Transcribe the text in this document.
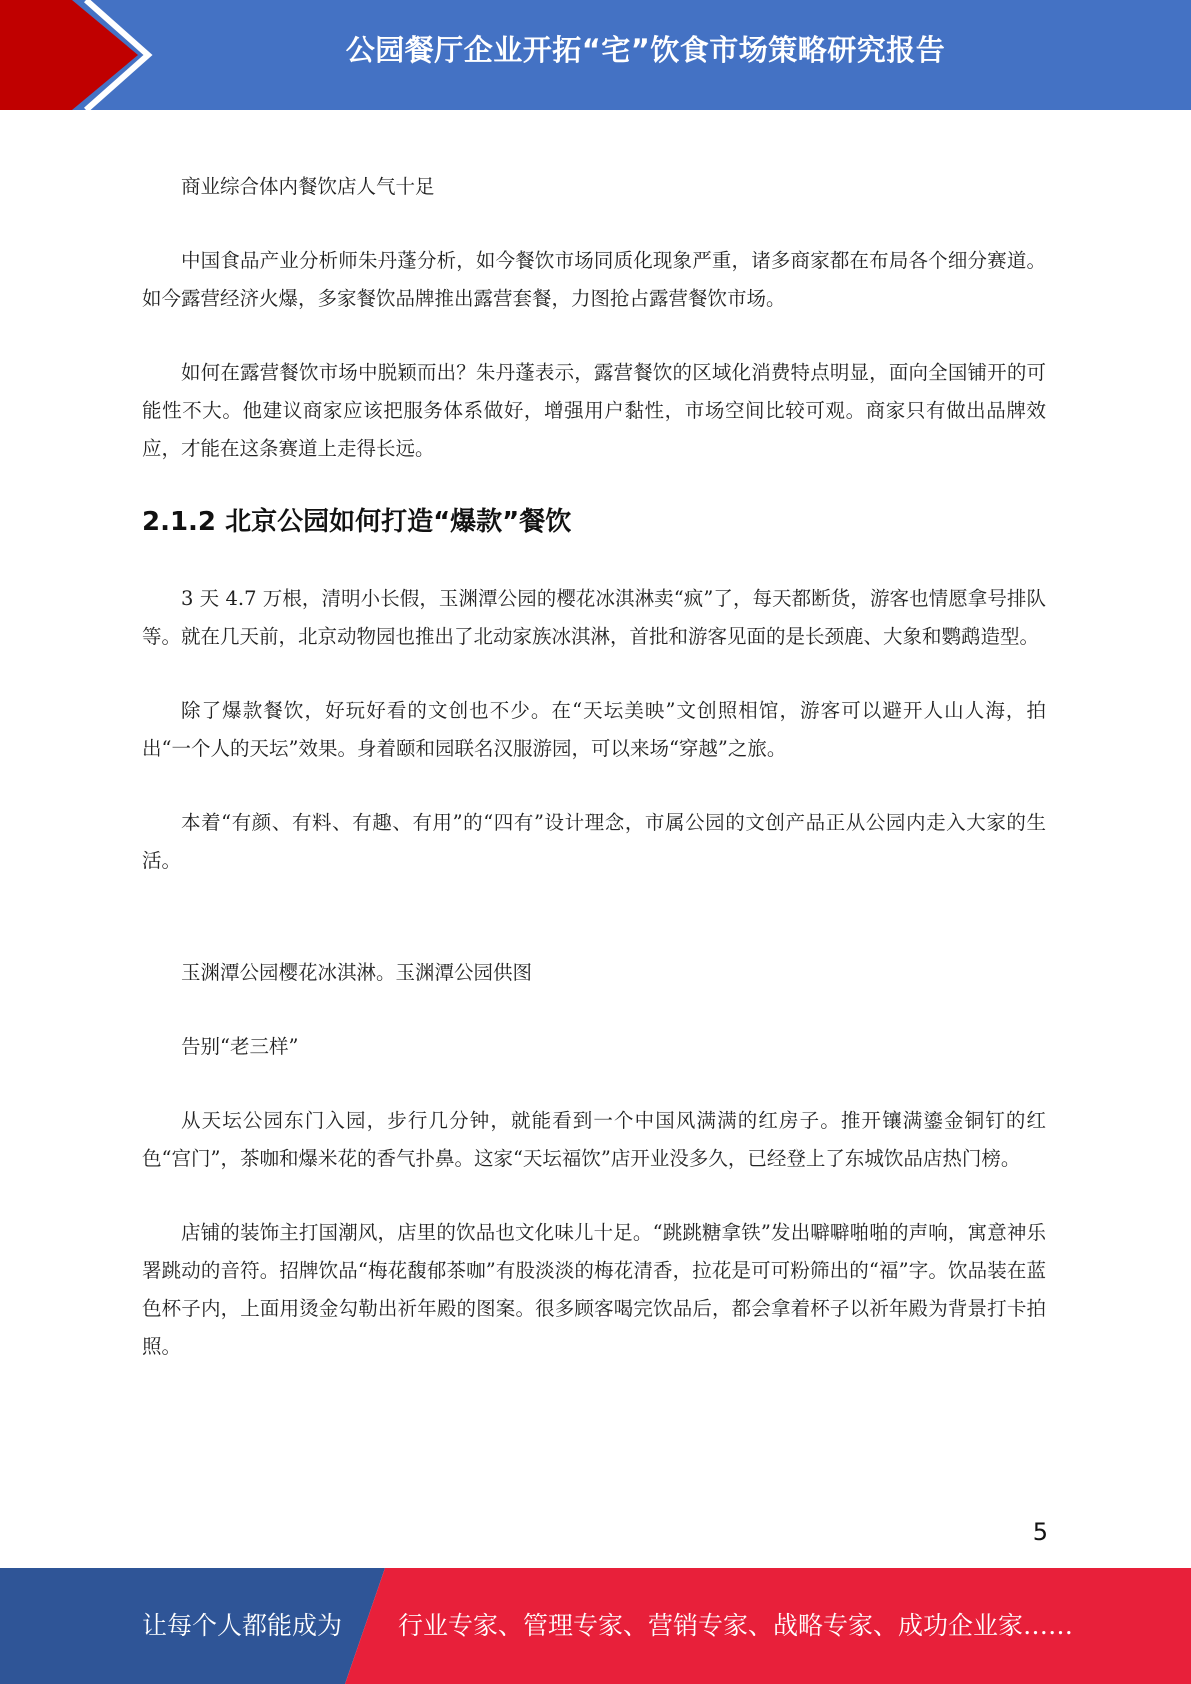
公园餐厅企业开拓“宅”饮食市场策略研究报告

商业综合体内餐饮店人气十足

中国食品产业分析师朱丹蓬分析，如今餐饮市场同质化现象严重，诸多商家都在布局各个细分赛道。如今露营经济火爆，多家餐饮品牌推出露营套餐，力图抢占露营餐饮市场。

如何在露营餐饮市场中脱颖而出？朱丹蓬表示，露营餐饮的区域化消费特点明显，面向全国铺开的可能性不大。他建议商家应该把服务体系做好，增强用户黏性，市场空间比较可观。商家只有做出品牌效应，才能在这条赛道上走得长远。

2.1.2 北京公园如何打造“爆款”餐饮

3 天 4.7 万根，清明小长假，玉渊潭公园的樱花冰淇淋卖“疯”了，每天都断货，游客也情愿拿号排队等。就在几天前，北京动物园也推出了北动家族冰淇淋，首批和游客见面的是长颈鹿、大象和鹦鹉造型。

除了爆款餐饮，好玩好看的文创也不少。在“天坛美映”文创照相馆，游客可以避开人山人海，拍出“一个人的天坛”效果。身着颐和园联名汉服游园，可以来场“穿越”之旅。

本着“有颜、有料、有趣、有用”的“四有”设计理念，市属公园的文创产品正从公园内走入大家的生活。

玉渊潭公园樱花冰淇淋。玉渊潭公园供图

告别“老三样”

从天坛公园东门入园，步行几分钟，就能看到一个中国风满满的红房子。推开镶满鎏金铜钉的红色“宫门”，茶咖和爆米花的香气扑鼻。这家“天坛福饮”店开业没多久，已经登上了东城饮品店热门榜。

店铺的装饰主打国潮风，店里的饮品也文化味儿十足。“跳跳糖拿铁”发出噼噼啪啪的声响，寓意神乐署跳动的音符。招牌饮品“梅花馥郁茶咖”有股淡淡的梅花清香，拉花是可可粉筛出的“福”字。饮品装在蓝色杯子内，上面用烫金勾勒出祈年殿的图案。很多顾客喝完饮品后，都会拿着杯子以祈年殿为背景打卡拍照。

5
让每个人都能成为 行业专家、管理专家、营销专家、战略专家、成功企业家……
